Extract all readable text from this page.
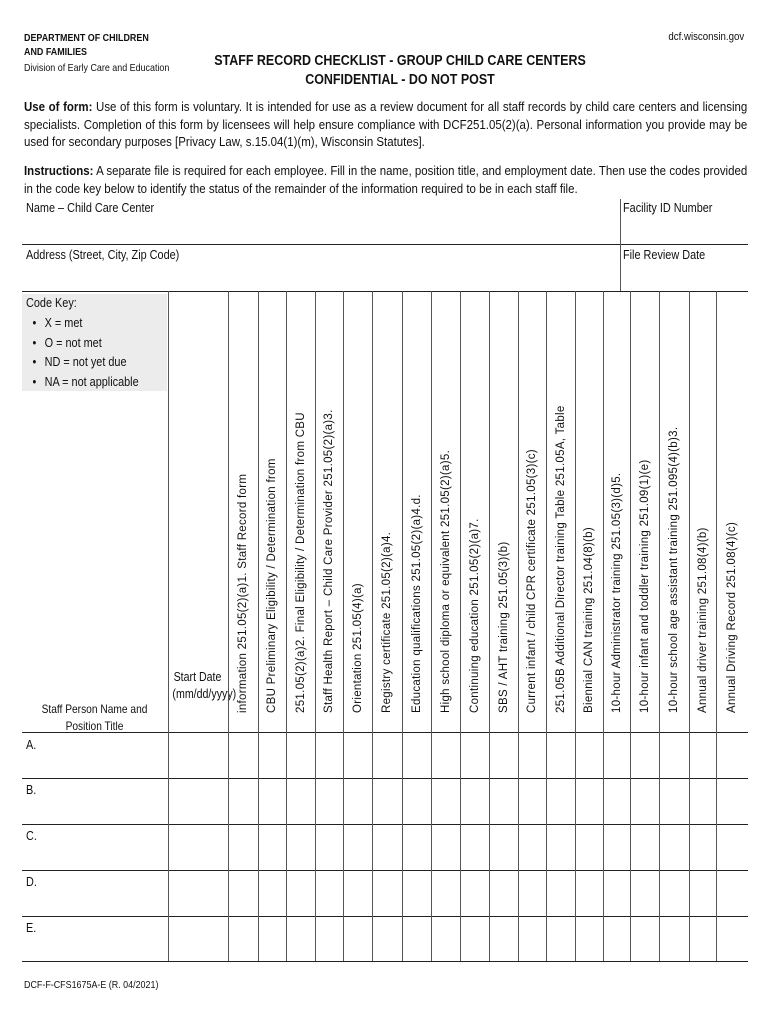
DEPARTMENT OF CHILDREN AND FAMILIES
Division of Early Care and Education
dcf.wisconsin.gov
STAFF RECORD CHECKLIST - GROUP CHILD CARE CENTERS
CONFIDENTIAL - DO NOT POST
Use of form: Use of this form is voluntary. It is intended for use as a review document for all staff records by child care centers and licensing specialists. Completion of this form by licensees will help ensure compliance with DCF251.05(2)(a). Personal information you provide may be used for secondary purposes [Privacy Law, s.15.04(1)(m), Wisconsin Statutes].
Instructions: A separate file is required for each employee. Fill in the name, position title, and employment date. Then use the codes provided in the code key below to identify the status of the remainder of the information required to be in each staff file.
Name – Child Care Center	Facility ID Number
Address (Street, City, Zip Code)	File Review Date
Code Key:
• X = met
• O = not met
• ND = not yet due
• NA = not applicable
Staff Person Name and Position Title
Start Date (mm/dd/yyyy)
A.
B.
C.
D.
E.
information 251.05(2)(a)1. Staff Record form CBU Preliminary Eligibility / Determination from 251.05(2)(a)2. Final Eligibility / Determination from CBU Staff Health Report – Child Care Provider 251.05(2)(a)3. Orientation 251.05(4)(a) Registry certificate 251.05(2)(a)4. Education qualifications 251.05(2)(a)4.d. High school diploma or equivalent 251.05(2)(a)5. Continuing education 251.05(2)(a)7. SBS / AHT training 251.05(3)(b) Current infant / child CPR certificate 251.05(3)(c) 251.05B Additional Director training Table 251.05A, Table Biennial CAN training 251.04(8)(b) 10-hour Administrator training 251.05(3)(d)5. 10-hour infant and toddler training 251.09(1)(e) 10-hour school age assistant training 251.095(4)(b)3. Annual driver training 251.08(4)(b) Annual Driving Record 251.08(4)(c)
DCF-F-CFS1675A-E (R. 04/2021)
